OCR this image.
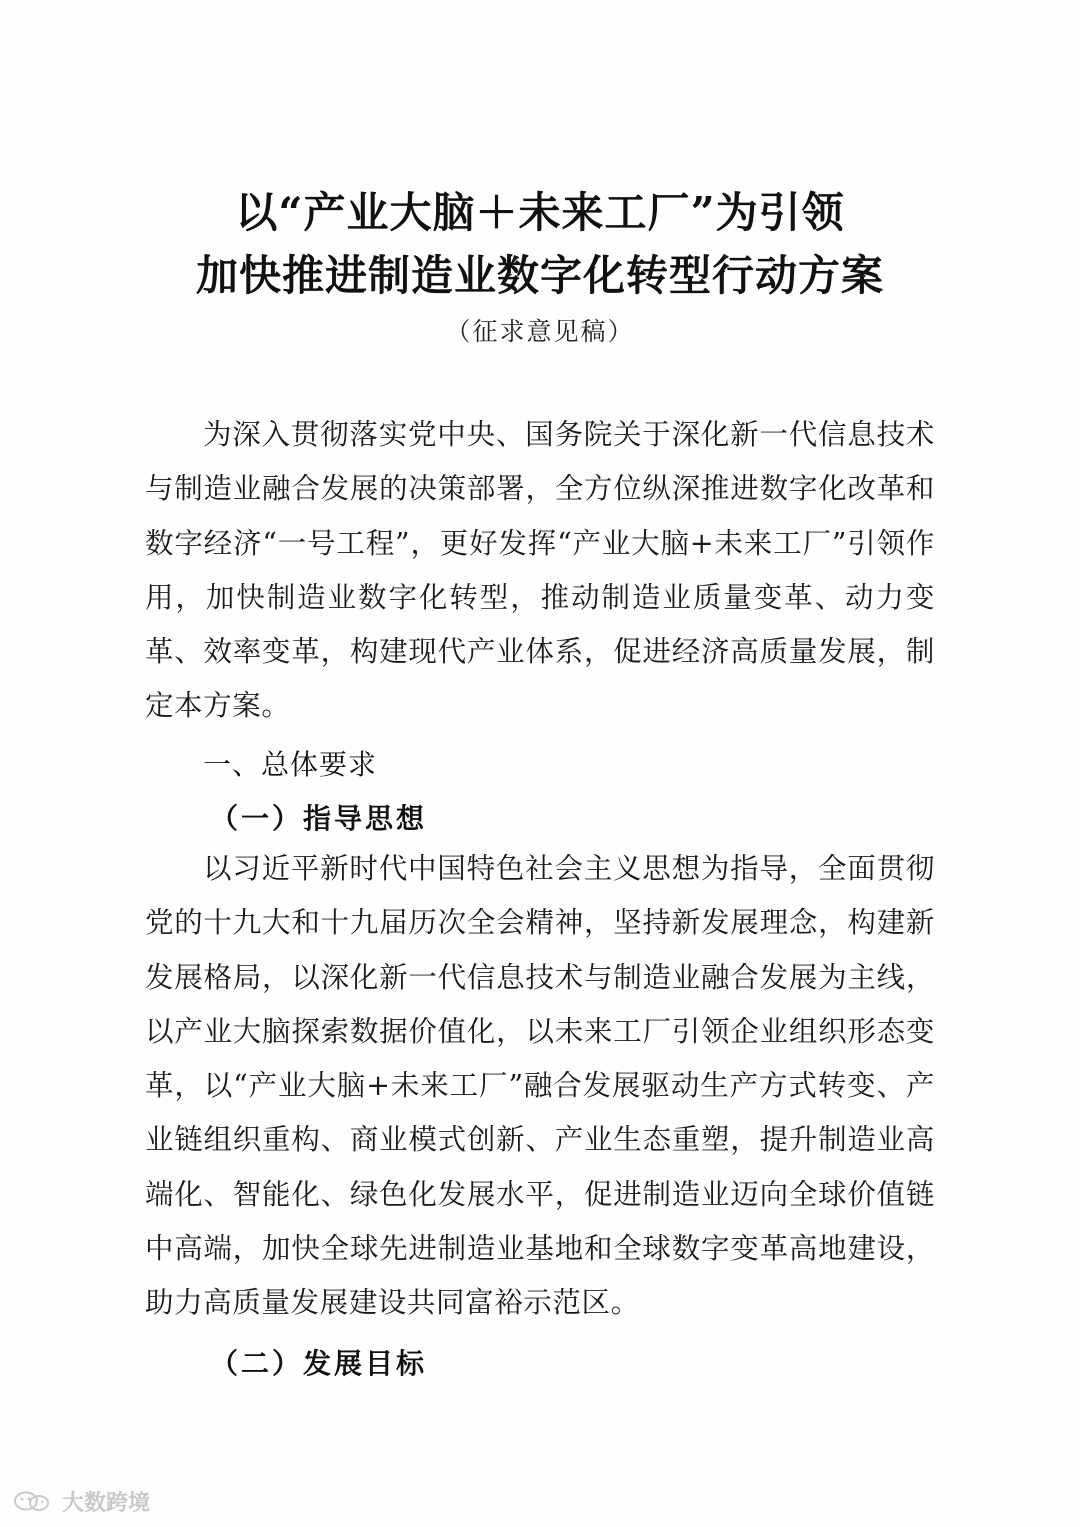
以“产业大脑＋未来工厂”为引领
加快推进制造业数字化转型行动方案
（征求意见稿）
为深入贯彻落实党中央、国务院关于深化新一代信息技术与制造业融合发展的决策部署，全方位纵深推进数字化改革和数字经济“一号工程”，更好发挥“产业大脑+未来工厂”引领作用，加快制造业数字化转型，推动制造业质量变革、动力变革、效率变革，构建现代产业体系，促进经济高质量发展，制定本方案。
一、总体要求
（一）指导思想
以习近平新时代中国特色社会主义思想为指导，全面贯彻党的十九大和十九届历次全会精神，坚持新发展理念，构建新发展格局，以深化新一代信息技术与制造业融合发展为主线，以产业大脑探索数据价值化，以未来工厂引领企业组织形态变革，以“产业大脑+未来工厂”融合发展驱动生产方式转变、产业链组织重构、商业模式创新、产业生态重塑，提升制造业高端化、智能化、绿色化发展水平，促进制造业迈向全球价值链中高端，加快全球先进制造业基地和全球数字变革高地建设，助力高质量发展建设共同富裕示范区。
（二）发展目标
大数跨境
